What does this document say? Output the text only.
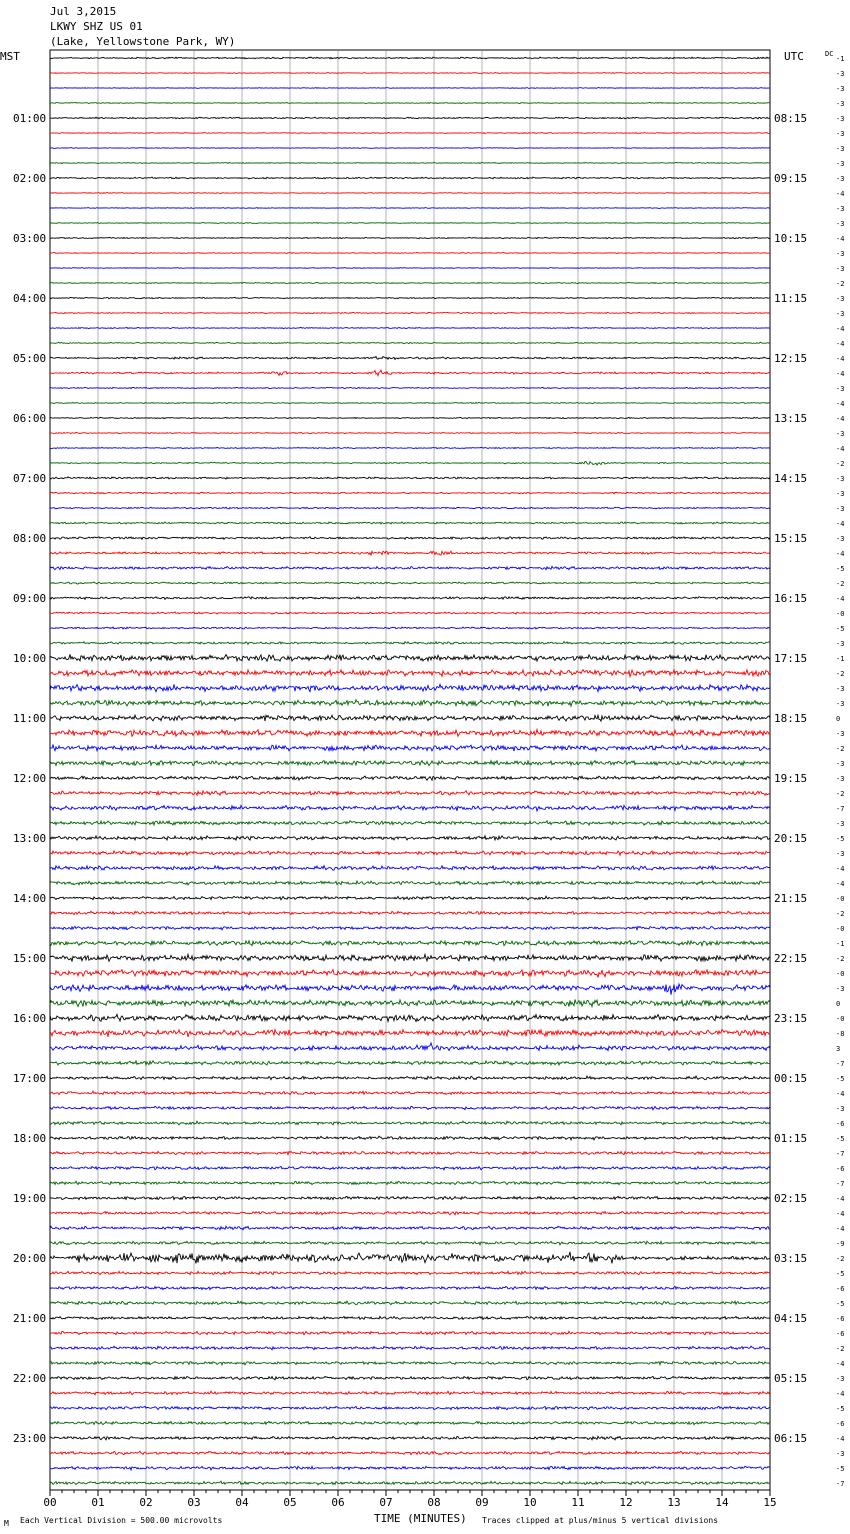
Jul 3,2015
LKWY SHZ US 01
(Lake, Yellowstone Park, WY)
MST	UTC
00	01	02	03	04	05	06	07	08	09	10	11	12	13	14	15
-1
-3
-3
-3
-3
01:00	08:15
-3
-3
-3
-3
02:00	09:15
-4
-3
-3
-4
03:00	10:15
-3
-3
-2
-3
04:00	11:15
-3
-4
-4
-4
05:00	12:15
-4
-3
-4
-4
06:00	13:15
-3
-4
-2
-3
07:00	14:15
-3
-3
-4
-3
08:00	15:15
-4
-5
-2
-4
09:00	16:15
-0
-5
-3
-1
10:00	17:15
-2
-3
-3
0
11:00	18:15
-3
-2
-3
-3
12:00	19:15
-2
-7
-3
-5
13:00	20:15
-3
-4
-4
-0
14:00	21:15
-2
-0
-1
-2
15:00	22:15
-0
-3
0
-0
16:00	23:15
-8
3
-7
-5
17:00	00:15
-4
-3
-6
-5
18:00	01:15
-7
-6
-7
-4
19:00	02:15
-4
-4
-9
-2
20:00	03:15
-5
-6
-5
-6
21:00	04:15
-6
-2
-4
-3
22:00	05:15
-4
-5
-6
-4
23:00	06:15
-3
-5
-7
DC
M Each Vertical Division = 500.00 microvolts	TIME (MINUTES) Traces clipped at plus/minus 5 vertical divisions
